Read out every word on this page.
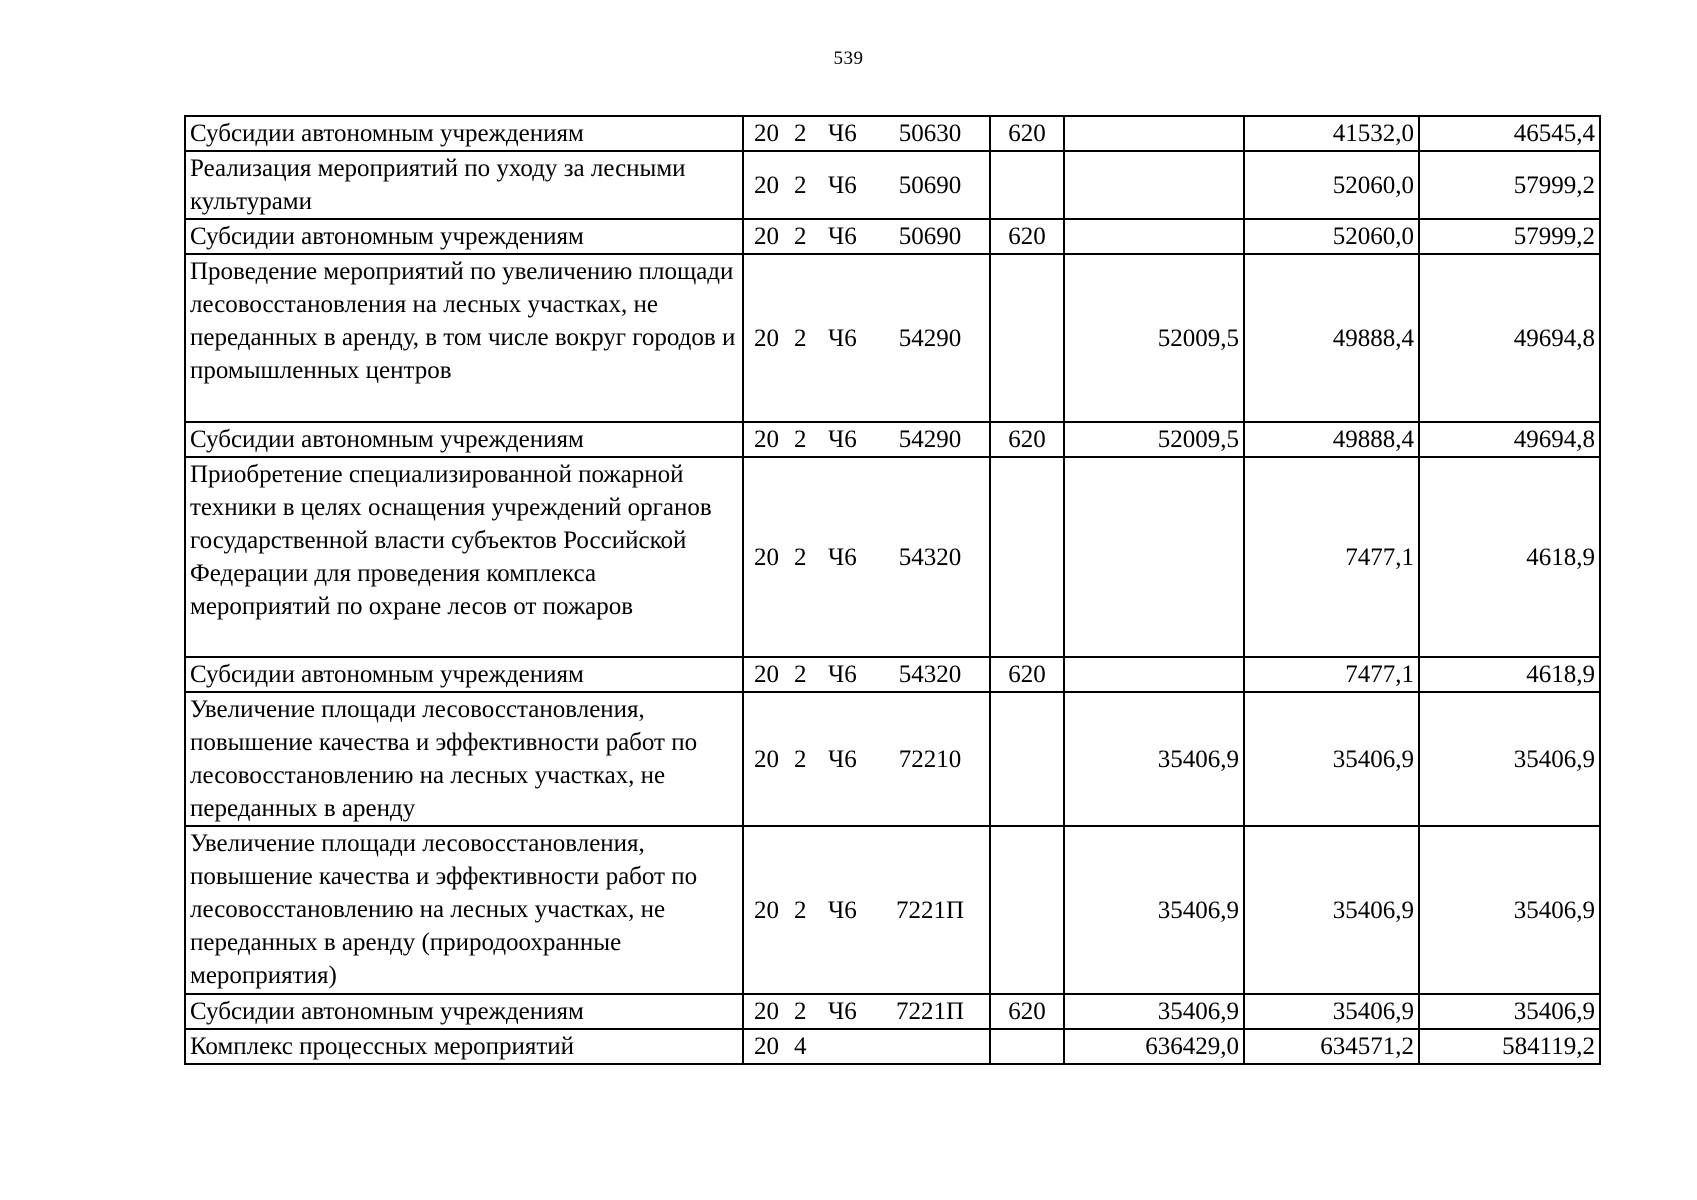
539
Субсидии автономным учреждениям	20 2 Ч6 50630	620		41532,0	46545,4
Реализация мероприятий по уходу за лесными культурами	20 2 Ч6 50690			52060,0	57999,2
Субсидии автономным учреждениям	20 2 Ч6 50690	620		52060,0	57999,2
Проведение мероприятий по увеличению площади лесовосстановления на лесных участках, не переданных в аренду, в том числе вокруг городов и промышленных центров	20 2 Ч6 54290		52009,5	49888,4	49694,8
Субсидии автономным учреждениям	20 2 Ч6 54290	620	52009,5	49888,4	49694,8
Приобретение специализированной пожарной техники в целях оснащения учреждений органов государственной власти субъектов Российской Федерации для проведения комплекса мероприятий по охране лесов от пожаров	20 2 Ч6 54320			7477,1	4618,9
Субсидии автономным учреждениям	20 2 Ч6 54320	620		7477,1	4618,9
Увеличение площади лесовосстановления, повышение качества и эффективности работ по лесовосстановлению на лесных участках, не переданных в аренду	20 2 Ч6 72210		35406,9	35406,9	35406,9
Увеличение площади лесовосстановления, повышение качества и эффективности работ по лесовосстановлению на лесных участках, не переданных в аренду (природоохранные мероприятия)	20 2 Ч6 7221П		35406,9	35406,9	35406,9
Субсидии автономным учреждениям	20 2 Ч6 7221П	620	35406,9	35406,9	35406,9
Комплекс процессных мероприятий	20 4		636429,0	634571,2	584119,2
